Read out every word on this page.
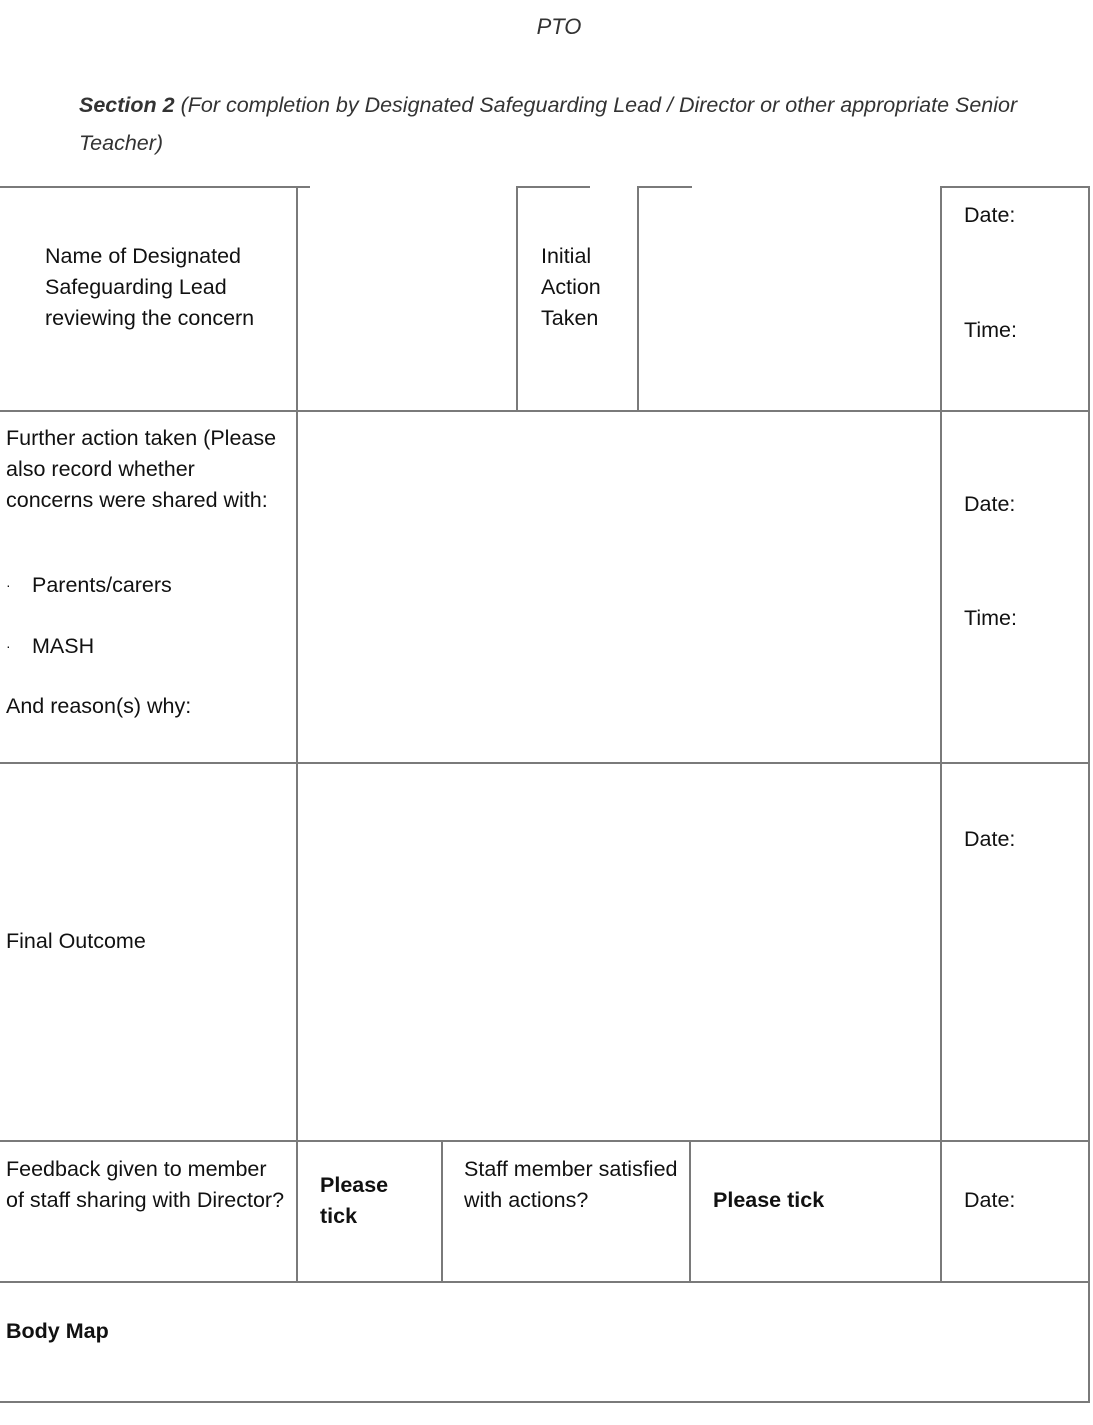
PTO
Section 2 (For completion by Designated Safeguarding Lead / Director or other appropriate Senior Teacher)
Name of Designated Safeguarding Lead reviewing the concern
Initial Action Taken
Date:
Time:
Further action taken (Please also record whether concerns were shared with:
· Parents/carers
· MASH
And reason(s) why:
Date:
Time:
Final Outcome
Date:
Feedback given to member of staff sharing with Director?
Please tick
Staff member satisfied with actions?	Please tick	Date:
Body Map
